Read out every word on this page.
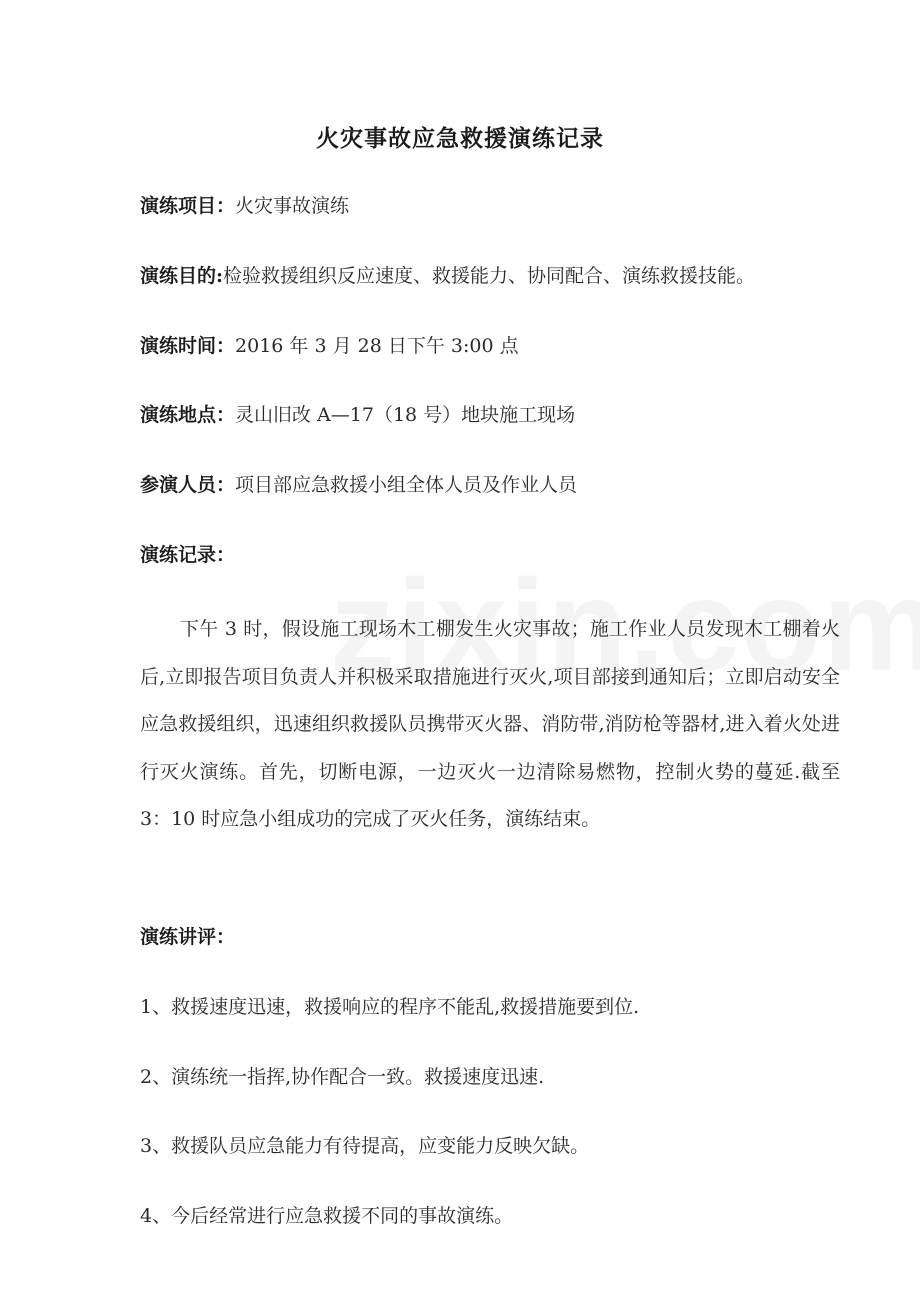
火灾事故应急救援演练记录
演练项目：火灾事故演练
演练目的:检验救援组织反应速度、救援能力、协同配合、演练救援技能。
演练时间：2016 年 3 月 28 日下午 3:00 点
演练地点：灵山旧改 A—17（18 号）地块施工现场
参演人员：项目部应急救援小组全体人员及作业人员
演练记录：
下午 3 时，假设施工现场木工棚发生火灾事故；施工作业人员发现木工棚着火后,立即报告项目负责人并积极采取措施进行灭火,项目部接到通知后；立即启动安全应急救援组织，迅速组织救援队员携带灭火器、消防带,消防枪等器材,进入着火处进行灭火演练。首先，切断电源，一边灭火一边清除易燃物，控制火势的蔓延.截至 3：10 时应急小组成功的完成了灭火任务，演练结束。
演练讲评：
1、救援速度迅速，救援响应的程序不能乱,救援措施要到位.
2、演练统一指挥,协作配合一致。救援速度迅速.
3、救援队员应急能力有待提高，应变能力反映欠缺。
4、今后经常进行应急救援不同的事故演练。
